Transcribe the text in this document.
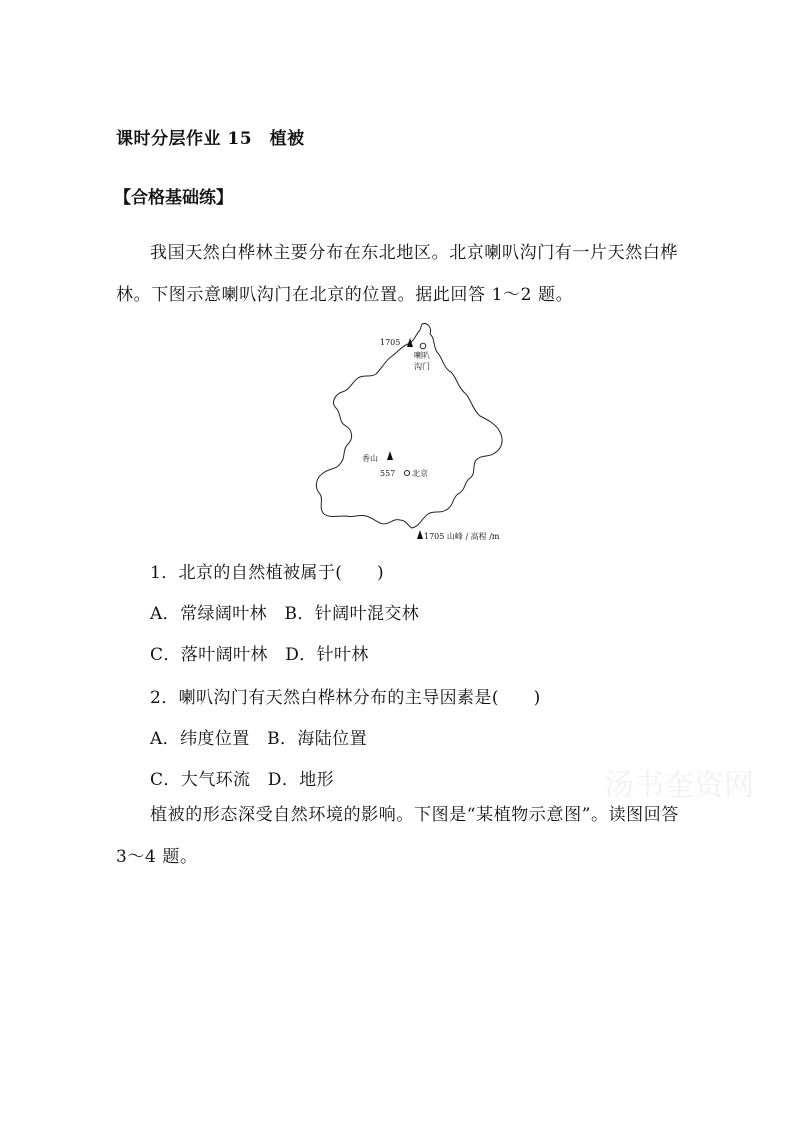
课时分层作业 15　植被
【合格基础练】

我国天然白桦林主要分布在东北地区。北京喇叭沟门有一片天然白桦林。下图示意喇叭沟门在北京的位置。据此回答 1～2 题。

1705
喇叭
沟门
香山
557 北京
1705 山峰 / 高程 /m
1．北京的自然植被属于(　　)
A．常绿阔叶林　B．针阔叶混交林
C．落叶阔叶林　D．针叶林
2．喇叭沟门有天然白桦林分布的主导因素是(　　)
A．纬度位置　B．海陆位置
C．大气环流　D．地形

植被的形态深受自然环境的影响。下图是“某植物示意图”。读图回答 3～4 题。

汤书奎资网
